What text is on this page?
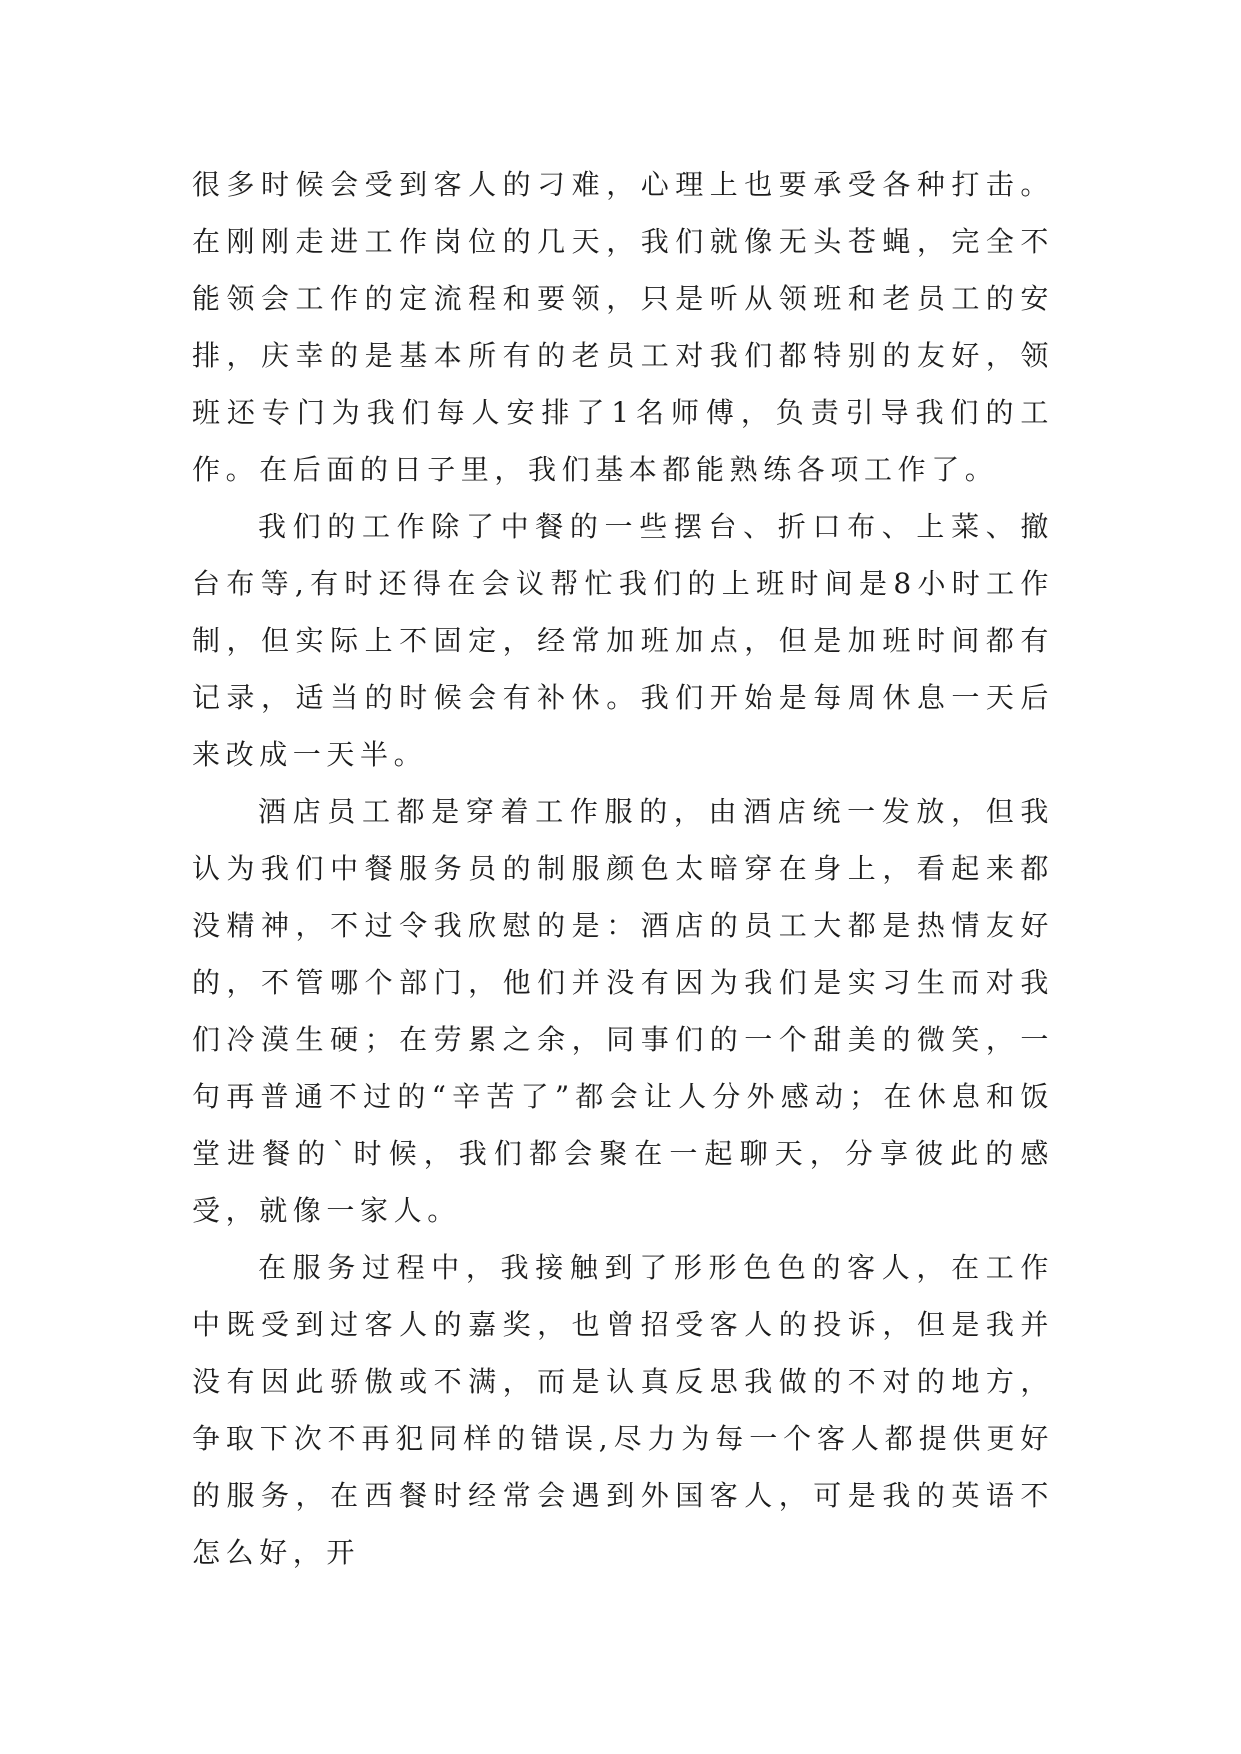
很多时候会受到客人的刁难，心理上也要承受各种打击。在刚刚走进工作岗位的几天，我们就像无头苍蝇，完全不能领会工作的定流程和要领，只是听从领班和老员工的安排，庆幸的是基本所有的老员工对我们都特别的友好，领班还专门为我们每人安排了1名师傅，负责引导我们的工作。在后面的日子里，我们基本都能熟练各项工作了。

我们的工作除了中餐的一些摆台、折口布、上菜、撤台布等,有时还得在会议帮忙我们的上班时间是8小时工作制，但实际上不固定，经常加班加点，但是加班时间都有记录，适当的时候会有补休。我们开始是每周休息一天后来改成一天半。

酒店员工都是穿着工作服的，由酒店统一发放，但我认为我们中餐服务员的制服颜色太暗穿在身上，看起来都没精神，不过令我欣慰的是：酒店的员工大都是热情友好的，不管哪个部门，他们并没有因为我们是实习生而对我们冷漠生硬；在劳累之余，同事们的一个甜美的微笑，一句再普通不过的“辛苦了”都会让人分外感动；在休息和饭堂进餐的`时候，我们都会聚在一起聊天，分享彼此的感受，就像一家人。

在服务过程中，我接触到了形形色色的客人，在工作中既受到过客人的嘉奖，也曾招受客人的投诉，但是我并没有因此骄傲或不满，而是认真反思我做的不对的地方，争取下次不再犯同样的错误,尽力为每一个客人都提供更好的服务，在西餐时经常会遇到外国客人，可是我的英语不怎么好，开
